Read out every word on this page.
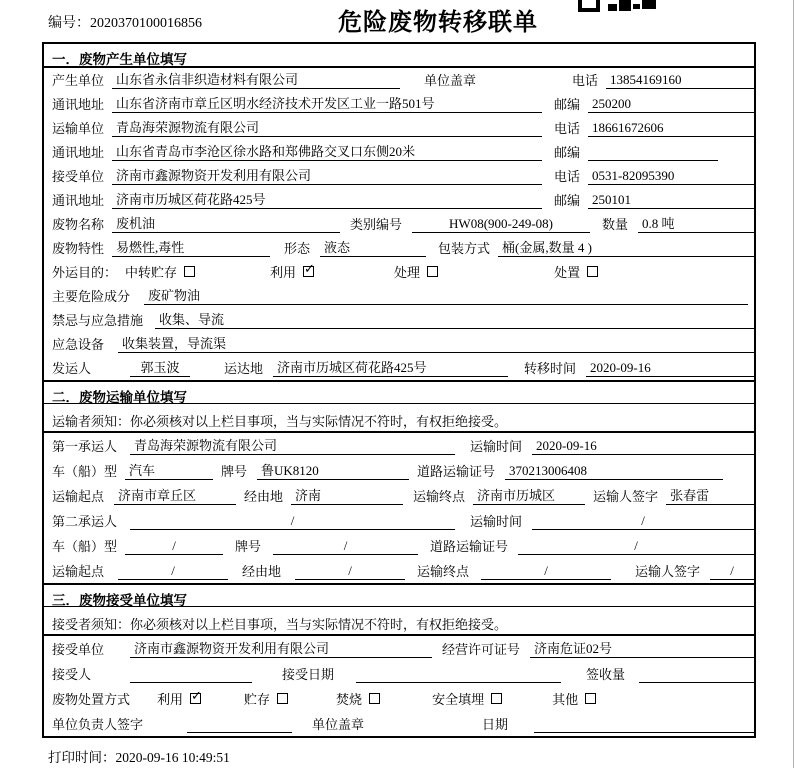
编号：2020370100016856	危险废物转移联单
一．废物产生单位填写
产生单位 山东省永信非织造材料有限公司	单位盖章	电话 13854169160
通讯地址 山东省济南市章丘区明水经济技术开发区工业一路501号	邮编 250200
运输单位 青岛海荣源物流有限公司	电话 18661672606
通讯地址 山东省青岛市李沧区徐水路和郑佛路交叉口东侧20米	邮编
接受单位 济南市鑫源物资开发利用有限公司	电话 0531-82095390
通讯地址 济南市历城区荷花路425号	邮编 250101
废物名称 废机油	类别编号	HW08(900-249-08)	数量	0.8 吨
废物特性 易燃性,毒性	形态	液态	包装方式 桶(金属,数量 4 )
外运目的： 中转贮存	利用 ✓	处理	处置
主要危险成分	废矿物油
禁忌与应急措施	收集、导流
应急设备	收集装置，导流渠
发运人	郭玉波	运达地	济南市历城区荷花路425号	转移时间	2020-09-16
二．废物运输单位填写
运输者须知：你必须核对以上栏目事项，当与实际情况不符时，有权拒绝接受。
第一承运人	青岛海荣源物流有限公司	运输时间	2020-09-16
车（船）型 汽车	牌号	鲁UK8120	道路运输证号	370213006408
运输起点	济南市章丘区	经由地 济南	运输终点 济南市历城区	运输人签字 张春雷
第二承运人	/	运输时间	/
车（船）型	/	牌号	/	道路运输证号	/
运输起点	/	经由地	/	运输终点	/	运输人签字	/
三．废物接受单位填写
接受者须知：你必须核对以上栏目事项，当与实际情况不符时，有权拒绝接受。
接受单位	济南市鑫源物资开发利用有限公司	经营许可证号	济南危证02号
接受人	接受日期	签收量
废物处置方式 利用 ✓	贮存	焚烧	安全填埋	其他
单位负责人签字	单位盖章	日期
打印时间：2020-09-16 10:49:51
